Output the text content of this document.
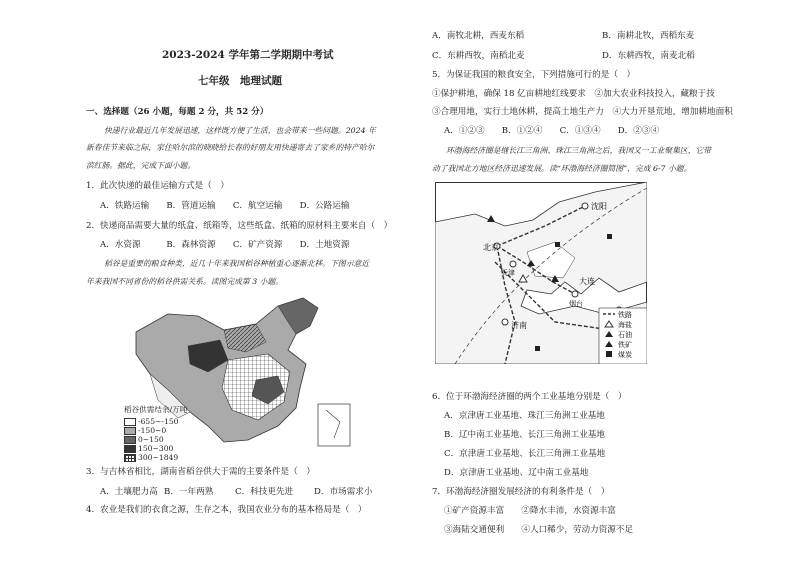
2023-2024 学年第二学期期中考试
七年级　地理试题
一、选择题（26 小题，每题 2 分，共 52 分）
快递行业最近几年发展迅速，这样既方便了生活，也会带来一些问题。2024 年
新春佳节来临之际，家住哈尔滨的晓晓给长春的好朋友用快递寄去了家乡的特产哈尔
滨红肠。据此，完成下面小题。
1．此次快递的最佳运输方式是（　）
A．铁路运输　　B．管道运输　　C．航空运输　　D．公路运输
2．快递商品需要大量的纸盒、纸箱等，这些纸盒、纸箱的原材料主要来自（　）
A．水资源　　　B．森林资源　　C．矿产资源　　D．土地资源
稻谷是重要的粮食种类，近几十年来我国稻谷种植重心逐渐北移。下图示意近
年来我国不同省份的稻谷供需关系。读图完成第 3 小题。
稻谷供需结余/万吨
-655~-150
-150~0
0~150
150~300
300~1849
3．与吉林省相比，湖南省稻谷供大于需的主要条件是（　）
A．土壤肥力高 B．一年两熟	C．科技更先进 D．市场需求小
4．农业是我们的衣食之源，生存之本，我国农业分布的基本格局是（　）
A．南牧北耕，西麦东稻	B．南耕北牧，西稻东麦
C．东耕西牧，南稻北麦	D．东耕西牧，南麦北稻
5．为保证我国的粮食安全，下列措施可行的是（　）
①保护耕地，确保 18 亿亩耕地红线要求　②加大农业科技投入，藏粮于技
③合理用地，实行土地休耕，提高土地生产力　④大力开垦荒地，增加耕地面积
A．①②③　　B．①②④　　C．①③④　　D．②③④
环渤海经济圈是继长江三角洲、珠江三角洲之后，我国又一工业聚集区，它带
动了我国北方地区经济迅速发展。读“环渤海经济圈简图”，完成 6-7 小题。
沈阳
北京
天津
大连
烟台
济南
铁路
海盐
石油
铁矿
煤炭
6．位于环渤海经济圈的两个工业基地分别是（　）
A．京津唐工业基地、珠江三角洲工业基地
B．辽中南工业基地、长江三角洲工业基地
C．京津唐工业基地、长江三角洲工业基地
D．京津唐工业基地、辽中南工业基地
7．环渤海经济圈发展经济的有利条件是（　）
①矿产资源丰富　　②降水丰沛，水资源丰富
③海陆交通便利　　④人口稀少，劳动力资源不足
